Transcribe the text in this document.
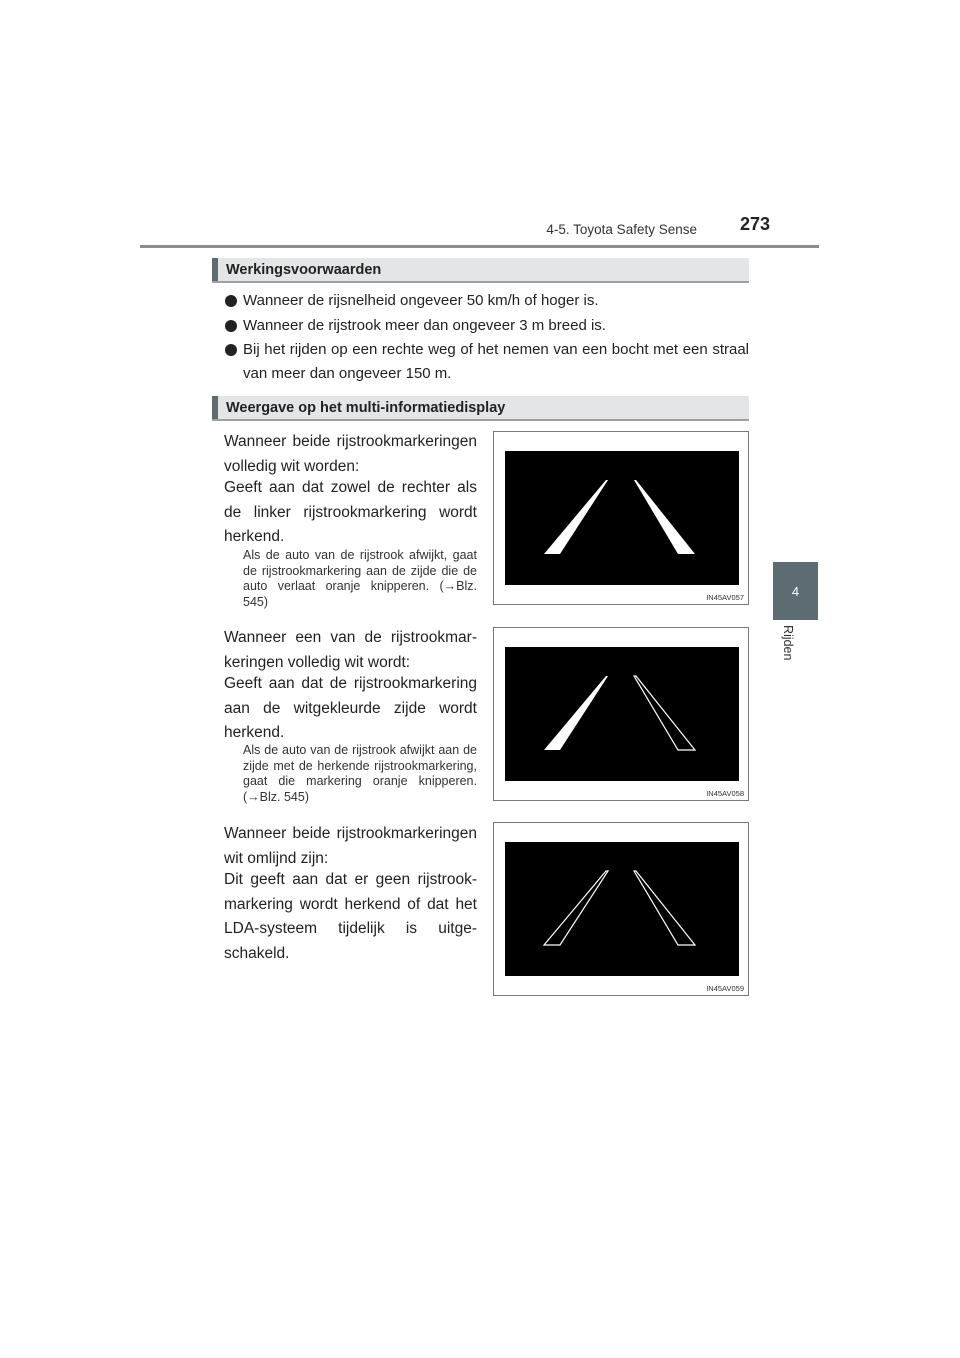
4-5. Toyota Safety Sense 273
4
Rijden
Werkingsvoorwaarden
Wanneer de rijsnelheid ongeveer 50 km/h of hoger is.
Wanneer de rijstrook meer dan ongeveer 3 m breed is.
Bij het rijden op een rechte weg of het nemen van een bocht met een straal van meer dan ongeveer 150 m.
Weergave op het multi-informatiedisplay
Wanneer beide rijstrookmarkeringen volledig wit worden:
Geeft aan dat zowel de rechter als de linker rijstrookmarkering wordt herkend.
Als de auto van de rijstrook afwijkt, gaat de rijstrookmarkering aan de zijde die de auto verlaat oranje knipperen. (→Blz. 545)	IN45AV057
Wanneer een van de rijstrookmarkeringen volledig wit wordt:
Geeft aan dat de rijstrookmarkering aan de witgekleurde zijde wordt herkend.
Als de auto van de rijstrook afwijkt aan de zijde met de herkende rijstrookmarkering, gaat die markering oranje knipperen. (→Blz. 545)	IN45AV058
Wanneer beide rijstrookmarkeringen wit omlijnd zijn:
Dit geeft aan dat er geen rijstrookmarkering wordt herkend of dat het LDA-systeem tijdelijk is uitgeschakeld.
IN45AV059
